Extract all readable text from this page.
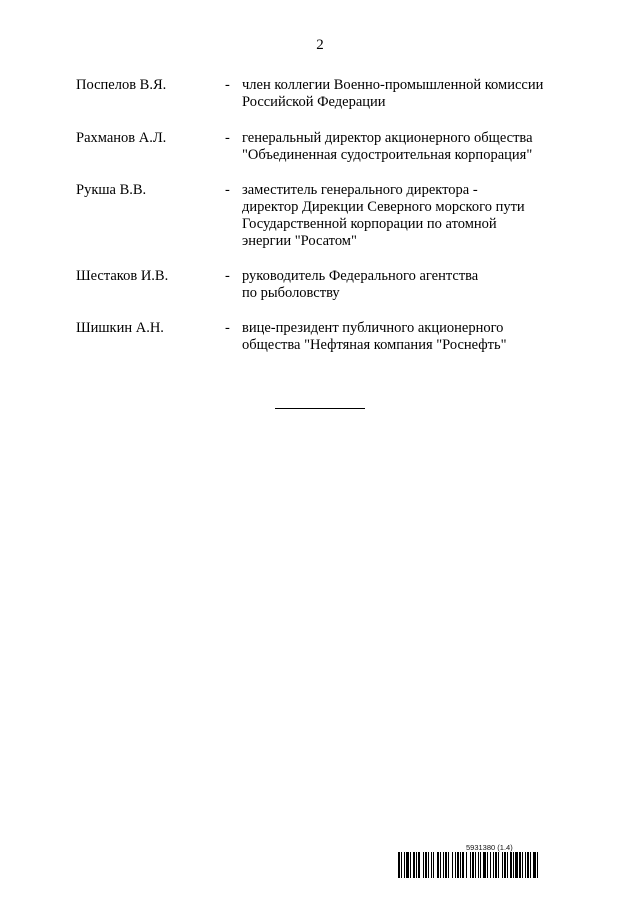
2
Поспелов В.Я.	- член коллегии Военно-промышленной комиссии
Российской Федерации
Рахманов А.Л.	- генеральный директор акционерного общества
"Объединенная судостроительная корпорация"
Рукша В.В.	- заместитель генерального директора -
директор Дирекции Северного морского пути
Государственной корпорации по атомной
энергии "Росатом"
Шестаков И.В.	- руководитель Федерального агентства
по рыболовству
Шишкин А.Н.	- вице-президент публичного акционерного
общества "Нефтяная компания "Роснефть"
5931380 (1.4)
